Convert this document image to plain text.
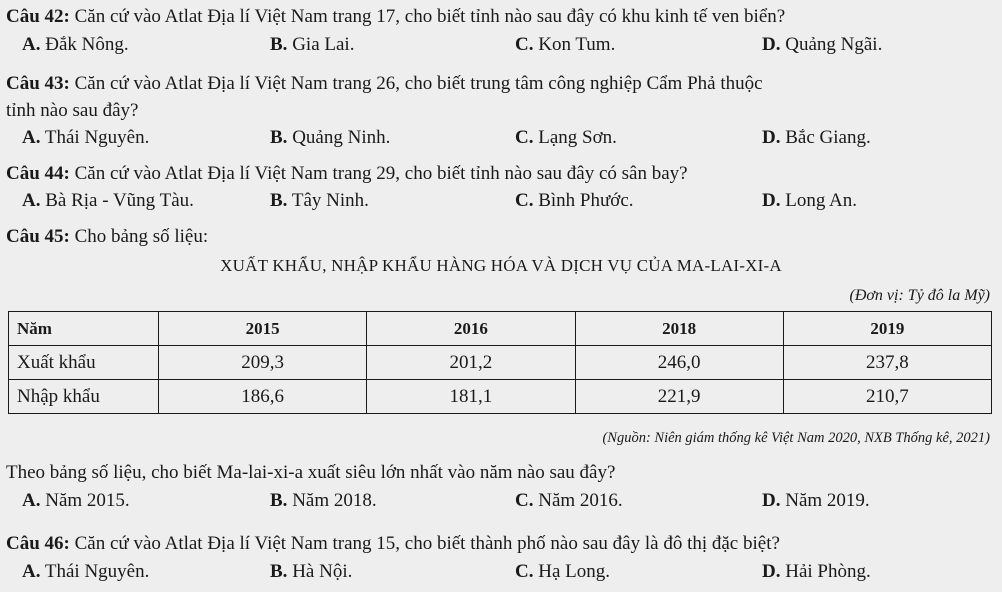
Câu 42: Căn cứ vào Atlat Địa lí Việt Nam trang 17, cho biết tỉnh nào sau đây có khu kinh tế ven biển?
A. Đắk Nông.	B. Gia Lai.	C. Kon Tum.	D. Quảng Ngãi.
Câu 43: Căn cứ vào Atlat Địa lí Việt Nam trang 26, cho biết trung tâm công nghiệp Cẩm Phả thuộc
tỉnh nào sau đây?
A. Thái Nguyên.	B. Quảng Ninh.	C. Lạng Sơn.	D. Bắc Giang.
Câu 44: Căn cứ vào Atlat Địa lí Việt Nam trang 29, cho biết tỉnh nào sau đây có sân bay?
A. Bà Rịa - Vũng Tàu.	B. Tây Ninh.	C. Bình Phước.	D. Long An.
Câu 45: Cho bảng số liệu:
XUẤT KHẨU, NHẬP KHẨU HÀNG HÓA VÀ DỊCH VỤ CỦA MA-LAI-XI-A
(Đơn vị: Tỷ đô la Mỹ)
Năm	2015	2016	2018	2019
Xuất khẩu	209,3	201,2	246,0	237,8
Nhập khẩu	186,6	181,1	221,9	210,7
(Nguồn: Niên giám thống kê Việt Nam 2020, NXB Thống kê, 2021)
Theo bảng số liệu, cho biết Ma-lai-xi-a xuất siêu lớn nhất vào năm nào sau đây?
A. Năm 2015.	B. Năm 2018.	C. Năm 2016.	D. Năm 2019.
Câu 46: Căn cứ vào Atlat Địa lí Việt Nam trang 15, cho biết thành phố nào sau đây là đô thị đặc biệt?
A. Thái Nguyên.	B. Hà Nội.	C. Hạ Long.	D. Hải Phòng.
